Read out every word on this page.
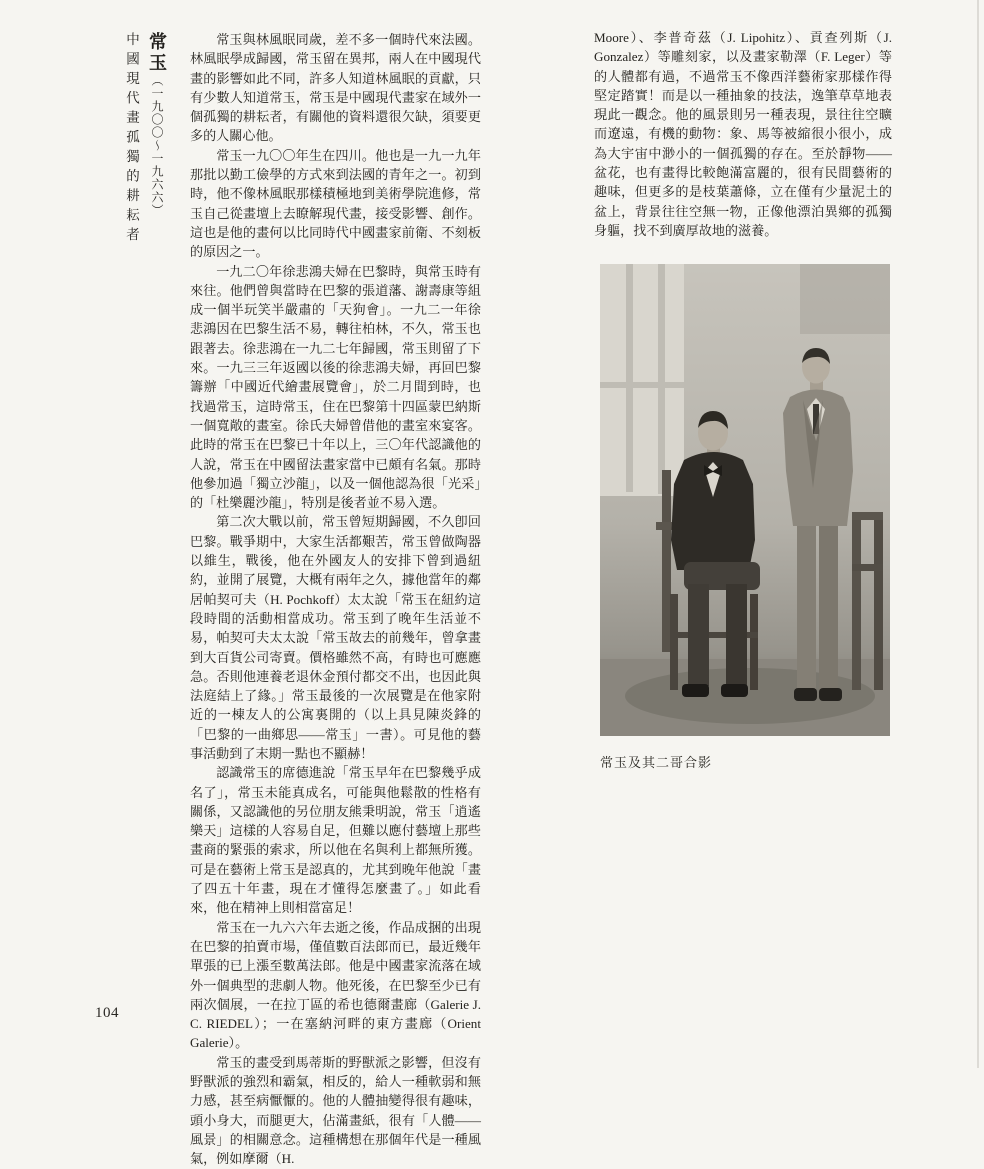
常玉（一九〇〇～一九六六）
中國現代畫孤獨的耕耘者	常玉與林風眠同歲，差不多一個時代來法國。林風眠學成歸國，常玉留在異邦，兩人在中國現代畫的影響如此不同，許多人知道林風眠的貢獻，只有少數人知道常玉，常玉是中國現代畫家在域外一個孤獨的耕耘者，有關他的資料還很欠缺，須要更多的人關心他。

常玉一九〇〇年生在四川。他也是一九一九年那批以勤工儉學的方式來到法國的青年之一。初到時，他不像林風眠那樣積極地到美術學院進修，常玉自己從畫壇上去瞭解現代畫，接受影響、創作。這也是他的畫何以比同時代中國畫家前衛、不刻板的原因之一。

一九二〇年徐悲鴻夫婦在巴黎時，與常玉時有來往。他們曾與當時在巴黎的張道藩、謝壽康等組成一個半玩笑半嚴肅的「天狗會」。一九二一年徐悲鴻因在巴黎生活不易，轉往柏林，不久，常玉也跟著去。徐悲鴻在一九二七年歸國，常玉則留了下來。一九三三年返國以後的徐悲鴻夫婦，再回巴黎籌辦「中國近代繪畫展覽會」，於二月間到時，也找過常玉，這時常玉，住在巴黎第十四區蒙巴納斯一個寬敞的畫室。徐氏夫婦曾借他的畫室來宴客。此時的常玉在巴黎已十年以上，三〇年代認識他的人說，常玉在中國留法畫家當中已頗有名氣。那時他參加過「獨立沙龍」，以及一個他認為很「光采」的「杜樂麗沙龍」，特別是後者並不易入選。

第二次大戰以前，常玉曾短期歸國，不久卽回巴黎。戰爭期中，大家生活都艱苦，常玉曾做陶器以維生，戰後，他在外國友人的安排下曾到過紐約，並開了展覽，大概有兩年之久，據他當年的鄰居帕契可夫（H. Pochkoff）太太說「常玉在紐約這段時間的活動相當成功。常玉到了晚年生活並不易，帕契可夫太太說「常玉故去的前幾年，曾拿畫到大百貨公司寄賣。價格雖然不高，有時也可應應急。否則他連養老退休金預付都交不出，也因此與法庭結上了緣。」常玉最後的一次展覽是在他家附近的一棟友人的公寓裏開的（以上具見陳炎鋒的「巴黎的一曲鄉思——常玉」一書）。可見他的藝事活動到了末期一點也不顯赫！

認識常玉的席德進說「常玉早年在巴黎幾乎成名了」，常玉未能真成名，可能與他鬆散的性格有關係，又認識他的另位朋友熊秉明說，常玉「逍遙樂天」這樣的人容易自足，但難以應付藝壇上那些畫商的緊張的索求，所以他在名與利上都無所獲。可是在藝術上常玉是認真的，尤其到晚年他說「畫了四五十年畫，現在才懂得怎麼畫了。」如此看來，他在精神上則相當富足！

常玉在一九六六年去逝之後，作品成捆的出現在巴黎的拍賣市場，僅值數百法郎而已，最近幾年單張的已上漲至數萬法郎。他是中國畫家流落在域外一個典型的悲劇人物。他死後，在巴黎至少已有兩次個展，一在拉丁區的希也德爾畫廊（Galerie J. C. RIEDEL）；一在塞納河畔的東方畫廊（Orient Galerie）。

常玉的畫受到馬蒂斯的野獸派之影響，但沒有野獸派的強烈和霸氣，相反的，給人一種軟弱和無力感，甚至病懨懨的。他的人體抽變得很有趣味，頭小身大，而腿更大，佔滿畫紙，很有「人體——風景」的相關意念。這種構想在那個年代是一種風氣，例如摩爾（H.

Moore）、李普奇茲（J. Lipohitz）、貢查列斯（J. Gonzalez）等雕刻家，以及畫家勒澤（F. Leger）等的人體都有過，不過常玉不像西洋藝術家那樣作得堅定踏實！而是以一種抽象的技法，逸筆草草地表現此一觀念。他的風景則另一種表現，景往往空曠而遼遠，有機的動物：象、馬等被縮很小很小，成為大宇宙中渺小的一個孤獨的存在。至於靜物——盆花，也有畫得比較飽滿富麗的，很有民間藝術的趣味，但更多的是枝葉蕭條，立在僅有少量泥土的盆上，背景往往空無一物，正像他漂泊異鄉的孤獨身軀，找不到廣厚故地的滋養。

常玉及其二哥合影
104
